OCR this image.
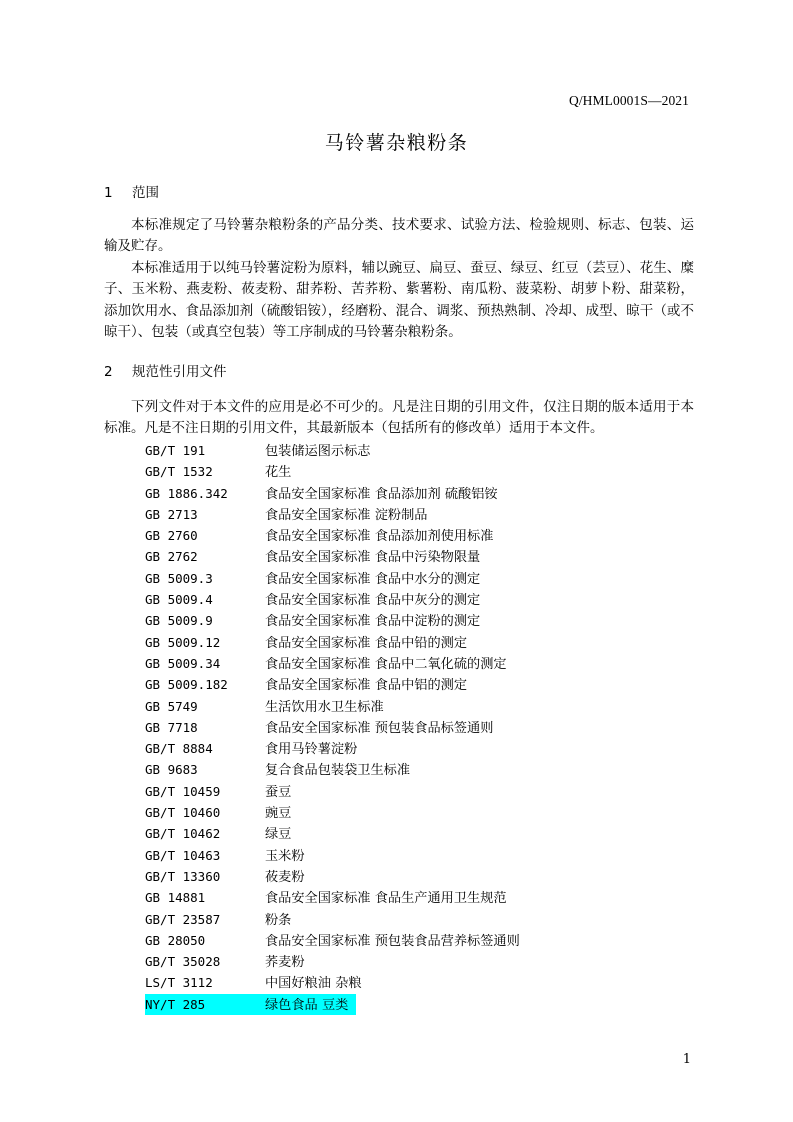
Q/HML0001S—2021
马铃薯杂粮粉条
1 范围

本标准规定了马铃薯杂粮粉条的产品分类、技术要求、试验方法、检验规则、标志、包装、运输及贮存。

本标准适用于以纯马铃薯淀粉为原料，辅以豌豆、扁豆、蚕豆、绿豆、红豆（芸豆）、花生、糜子、玉米粉、燕麦粉、莜麦粉、甜荞粉、苦荞粉、紫薯粉、南瓜粉、菠菜粉、胡萝卜粉、甜菜粉，添加饮用水、食品添加剂（硫酸铝铵），经磨粉、混合、调浆、预热熟制、冷却、成型、晾干（或不晾干）、包装（或真空包装）等工序制成的马铃薯杂粮粉条。

2 规范性引用文件

下列文件对于本文件的应用是必不可少的。凡是注日期的引用文件，仅注日期的版本适用于本标准。凡是不注日期的引用文件，其最新版本（包括所有的修改单）适用于本文件。

GB/T 191	包装储运图示标志
GB/T 1532	花生
GB 1886.342	食品安全国家标准 食品添加剂 硫酸铝铵
GB 2713	食品安全国家标准 淀粉制品
GB 2760	食品安全国家标准 食品添加剂使用标准
GB 2762	食品安全国家标准 食品中污染物限量
GB 5009.3	食品安全国家标准 食品中水分的测定
GB 5009.4	食品安全国家标准 食品中灰分的测定
GB 5009.9	食品安全国家标准 食品中淀粉的测定
GB 5009.12	食品安全国家标准 食品中铅的测定
GB 5009.34	食品安全国家标准 食品中二氧化硫的测定
GB 5009.182	食品安全国家标准 食品中铝的测定
GB 5749	生活饮用水卫生标准
GB 7718	食品安全国家标准 预包装食品标签通则
GB/T 8884	食用马铃薯淀粉
GB 9683	复合食品包装袋卫生标准
GB/T 10459	蚕豆
GB/T 10460	豌豆
GB/T 10462	绿豆
GB/T 10463	玉米粉
GB/T 13360	莜麦粉
GB 14881	食品安全国家标准 食品生产通用卫生规范
GB/T 23587	粉条
GB 28050	食品安全国家标准 预包装食品营养标签通则
GB/T 35028	荞麦粉
LS/T 3112	中国好粮油 杂粮
NY/T 285	绿色食品 豆类
1
